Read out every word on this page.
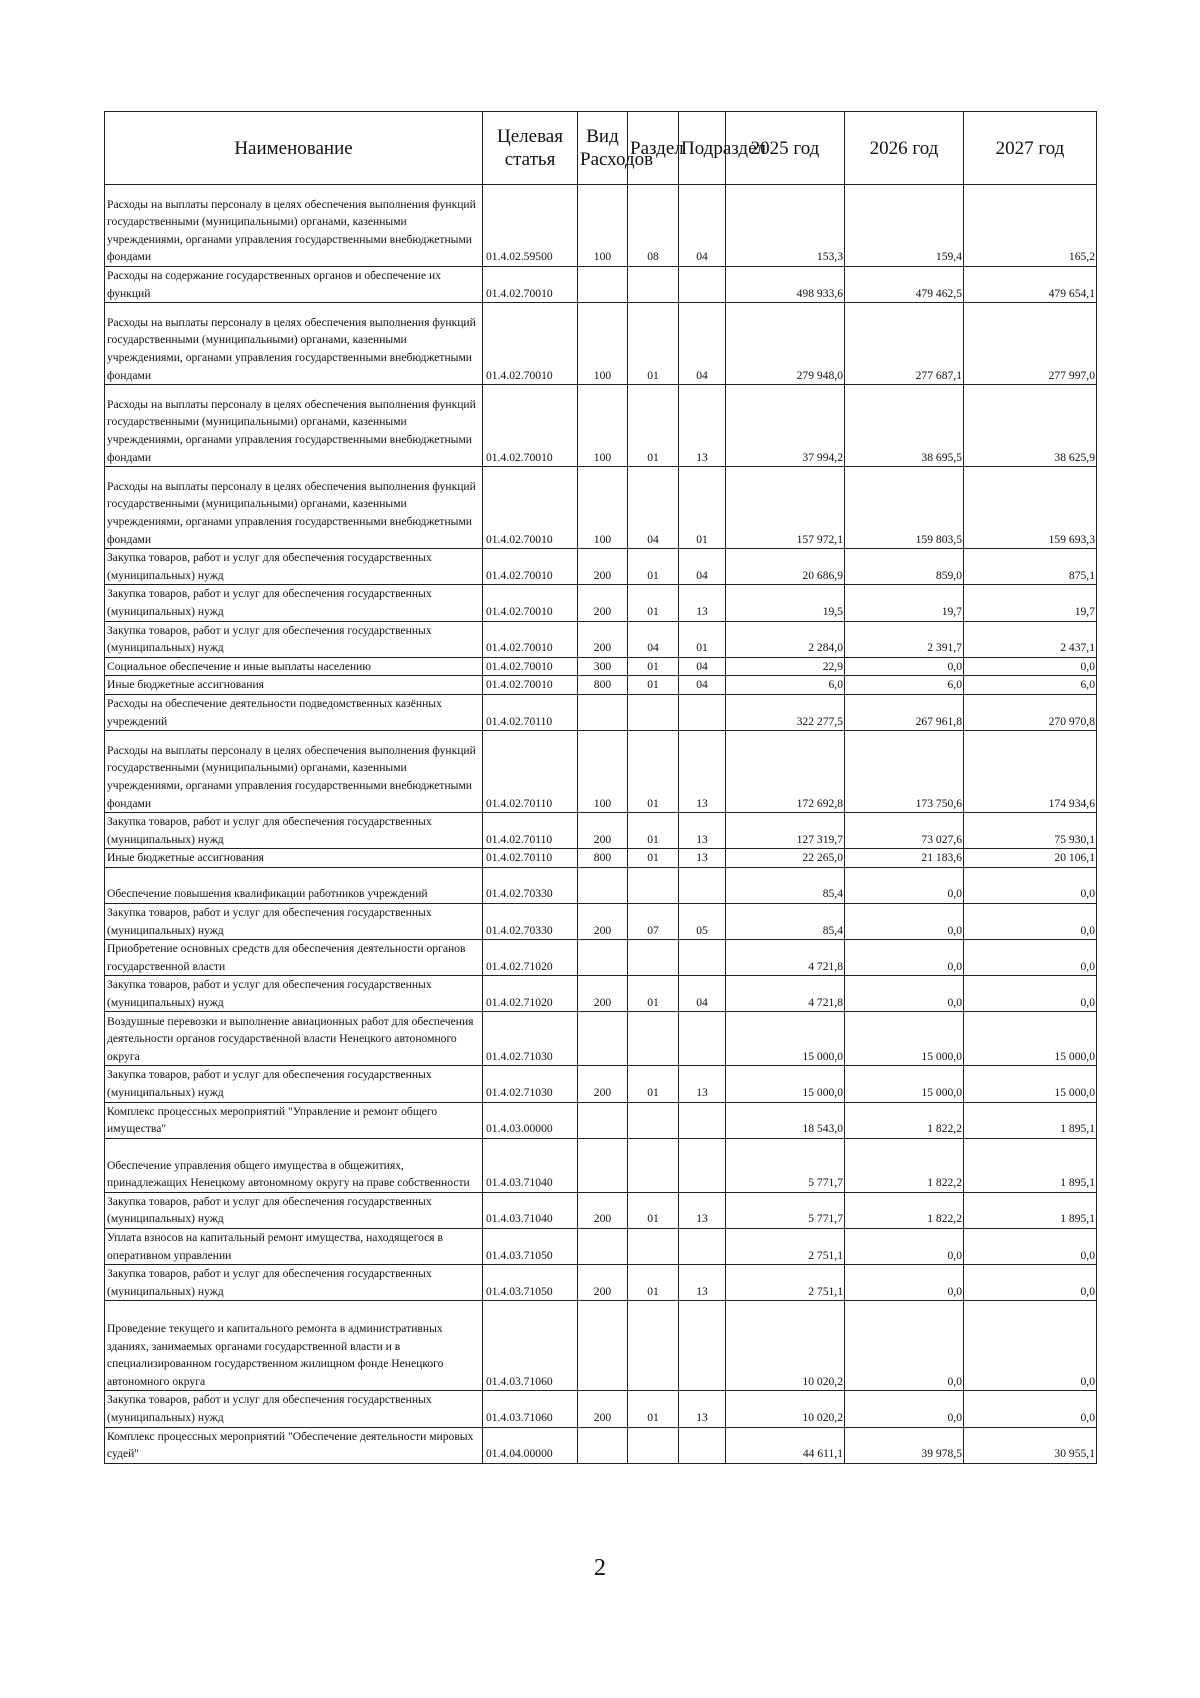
Наименование	Целевая статья	Вид Расходов	Раздел	Подраздел	2025 год	2026 год	2027 год
Расходы на выплаты персоналу в целях обеспечения выполнения функций государственными (муниципальными) органами, казенными учреждениями, органами управления государственными внебюджетными фондами	01.4.02.59500	100	08	04	153,3	159,4	165,2
Расходы на содержание государственных органов и обеспечение их функций	01.4.02.70010				498 933,6	479 462,5	479 654,1
Расходы на выплаты персоналу в целях обеспечения выполнения функций государственными (муниципальными) органами, казенными учреждениями, органами управления государственными внебюджетными фондами	01.4.02.70010	100	01	04	279 948,0	277 687,1	277 997,0
Расходы на выплаты персоналу в целях обеспечения выполнения функций государственными (муниципальными) органами, казенными учреждениями, органами управления государственными внебюджетными фондами	01.4.02.70010	100	01	13	37 994,2	38 695,5	38 625,9
Расходы на выплаты персоналу в целях обеспечения выполнения функций государственными (муниципальными) органами, казенными учреждениями, органами управления государственными внебюджетными фондами	01.4.02.70010	100	04	01	157 972,1	159 803,5	159 693,3
Закупка товаров, работ и услуг для обеспечения государственных (муниципальных) нужд	01.4.02.70010	200	01	04	20 686,9	859,0	875,1
Закупка товаров, работ и услуг для обеспечения государственных (муниципальных) нужд	01.4.02.70010	200	01	13	19,5	19,7	19,7
Закупка товаров, работ и услуг для обеспечения государственных (муниципальных) нужд	01.4.02.70010	200	04	01	2 284,0	2 391,7	2 437,1
Социальное обеспечение и иные выплаты населению	01.4.02.70010	300	01	04	22,9	0,0	0,0
Иные бюджетные ассигнования	01.4.02.70010	800	01	04	6,0	6,0	6,0
Расходы на обеспечение деятельности подведомственных казённых учреждений	01.4.02.70110				322 277,5	267 961,8	270 970,8
Расходы на выплаты персоналу в целях обеспечения выполнения функций государственными (муниципальными) органами, казенными учреждениями, органами управления государственными внебюджетными фондами	01.4.02.70110	100	01	13	172 692,8	173 750,6	174 934,6
Закупка товаров, работ и услуг для обеспечения государственных (муниципальных) нужд	01.4.02.70110	200	01	13	127 319,7	73 027,6	75 930,1
Иные бюджетные ассигнования	01.4.02.70110	800	01	13	22 265,0	21 183,6	20 106,1
Обеспечение повышения квалификации работников учреждений	01.4.02.70330				85,4	0,0	0,0
Закупка товаров, работ и услуг для обеспечения государственных (муниципальных) нужд	01.4.02.70330	200	07	05	85,4	0,0	0,0
Приобретение основных средств для обеспечения деятельности органов государственной власти	01.4.02.71020				4 721,8	0,0	0,0
Закупка товаров, работ и услуг для обеспечения государственных (муниципальных) нужд	01.4.02.71020	200	01	04	4 721,8	0,0	0,0
Воздушные перевозки и выполнение авиационных работ для обеспечения деятельности органов государственной власти Ненецкого автономного округа	01.4.02.71030				15 000,0	15 000,0	15 000,0
Закупка товаров, работ и услуг для обеспечения государственных (муниципальных) нужд	01.4.02.71030	200	01	13	15 000,0	15 000,0	15 000,0
Комплекс процессных мероприятий "Управление и ремонт общего имущества"	01.4.03.00000				18 543,0	1 822,2	1 895,1
Обеспечение управления общего имущества в общежитиях, принадлежащих Ненецкому автономному округу на праве собственности	01.4.03.71040				5 771,7	1 822,2	1 895,1
Закупка товаров, работ и услуг для обеспечения государственных (муниципальных) нужд	01.4.03.71040	200	01	13	5 771,7	1 822,2	1 895,1
Уплата взносов на капитальный ремонт имущества, находящегося в оперативном управлении	01.4.03.71050				2 751,1	0,0	0,0
Закупка товаров, работ и услуг для обеспечения государственных (муниципальных) нужд	01.4.03.71050	200	01	13	2 751,1	0,0	0,0
Проведение текущего и капитального ремонта в административных зданиях, занимаемых органами государственной власти и в специализированном государственном жилищном фонде Ненецкого автономного округа	01.4.03.71060				10 020,2	0,0	0,0
Закупка товаров, работ и услуг для обеспечения государственных (муниципальных) нужд	01.4.03.71060	200	01	13	10 020,2	0,0	0,0
Комплекс процессных мероприятий "Обеспечение деятельности мировых судей"	01.4.04.00000				44 611,1	39 978,5	30 955,1
2
